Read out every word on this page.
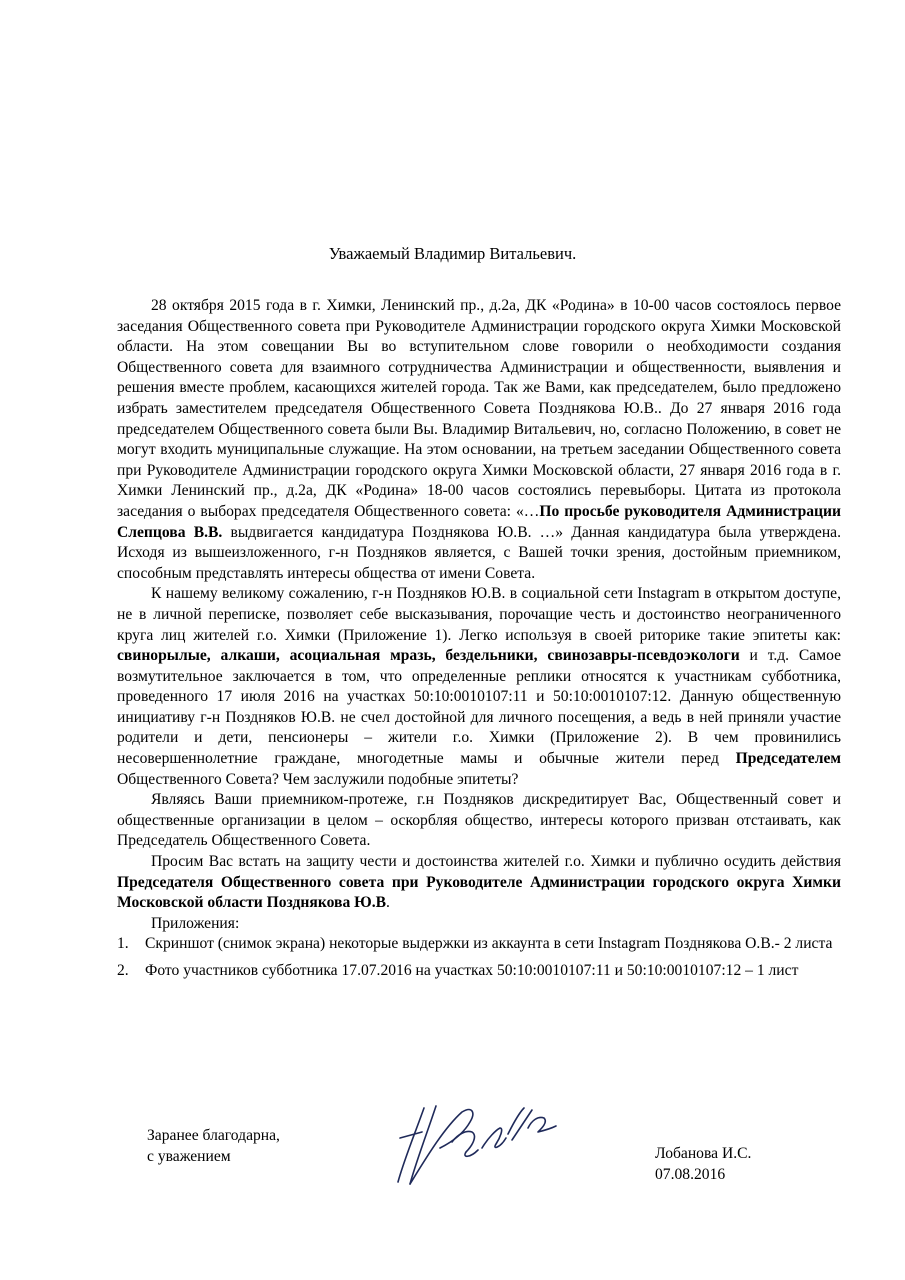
Уважаемый Владимир Витальевич.

28 октября 2015 года в г. Химки, Ленинский пр., д.2а, ДК «Родина» в 10-00 часов состоялось первое заседания Общественного совета при Руководителе Администрации городского округа Химки Московской области. На этом совещании Вы во вступительном слове говорили о необходимости создания Общественного совета для взаимного сотрудничества Администрации и общественности, выявления и решения вместе проблем, касающихся жителей города. Так же Вами, как председателем, было предложено избрать заместителем председателя Общественного Совета Позднякова Ю.В.. До 27 января 2016 года председателем Общественного совета были Вы. Владимир Витальевич, но, согласно Положению, в совет не могут входить муниципальные служащие. На этом основании, на третьем заседании Общественного совета при Руководителе Администрации городского округа Химки Московской области, 27 января 2016 года в г. Химки Ленинский пр., д.2а, ДК «Родина» 18-00 часов состоялись перевыборы. Цитата из протокола заседания о выборах председателя Общественного совета: «…По просьбе руководителя Администрации Слепцова В.В. выдвигается кандидатура Позднякова Ю.В. …» Данная кандидатура была утверждена. Исходя из вышеизложенного, г-н Поздняков является, с Вашей точки зрения, достойным приемником, способным представлять интересы общества от имени Совета.

К нашему великому сожалению, г-н Поздняков Ю.В. в социальной сети Instagram в открытом доступе, не в личной переписке, позволяет себе высказывания, порочащие честь и достоинство неограниченного круга лиц жителей г.о. Химки (Приложение 1). Легко используя в своей риторике такие эпитеты как: свинорылые, алкаши, асоциальная мразь, бездельники, свинозавры-псевдоэкологи и т.д. Самое возмутительное заключается в том, что определенные реплики относятся к участникам субботника, проведенного 17 июля 2016 на участках 50:10:0010107:11 и 50:10:0010107:12. Данную общественную инициативу г-н Поздняков Ю.В. не счел достойной для личного посещения, а ведь в ней приняли участие родители и дети, пенсионеры – жители г.о. Химки (Приложение 2). В чем провинились несовершеннолетние граждане, многодетные мамы и обычные жители перед Председателем Общественного Совета? Чем заслужили подобные эпитеты?

Являясь Ваши приемником-протеже, г.н Поздняков дискредитирует Вас, Общественный совет и общественные организации в целом – оскорбляя общество, интересы которого призван отстаивать, как Председатель Общественного Совета.

Просим Вас встать на защиту чести и достоинства жителей г.о. Химки и публично осудить действия Председателя Общественного совета при Руководителе Администрации городского округа Химки Московской области Позднякова Ю.В.

Приложения:

1. Скриншот (снимок экрана) некоторые выдержки из аккаунта в сети Instagram Позднякова О.В.- 2 листа
2. Фото участников субботника 17.07.2016 на участках 50:10:0010107:11 и 50:10:0010107:12 – 1 лист
Заранее благодарна,
с уважением	Лобанова И.С.
07.08.2016
